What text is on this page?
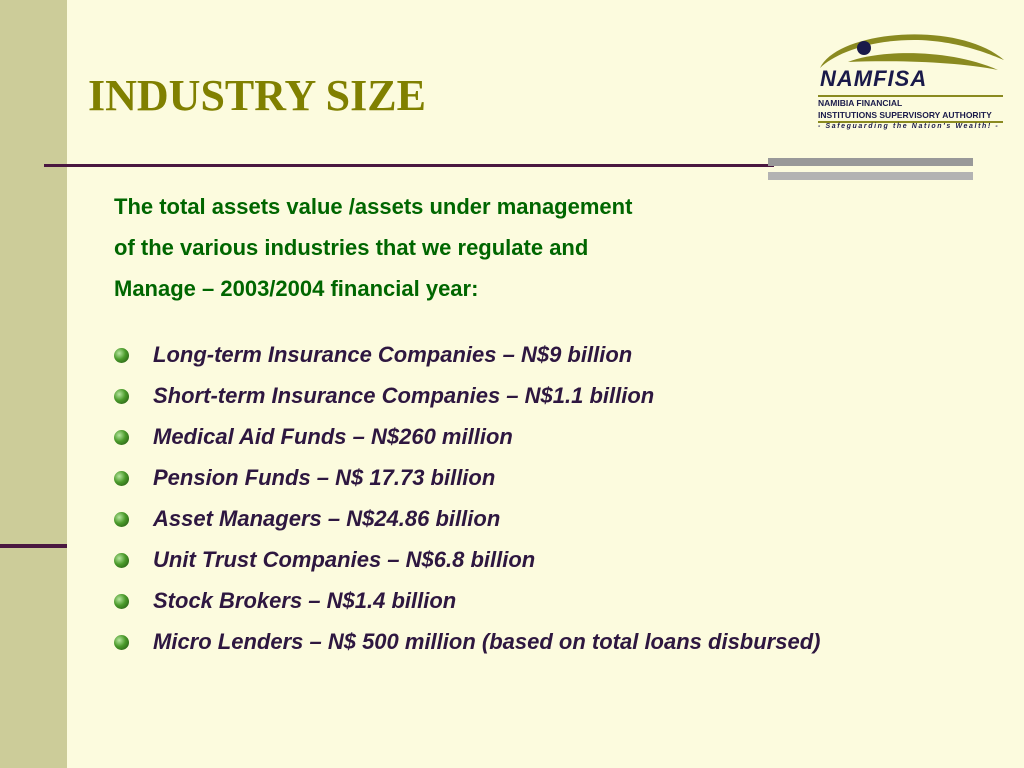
INDUSTRY SIZE	NAMFISA
NAMIBIA FINANCIAL
INSTITUTIONS SUPERVISORY AUTHORITY
- Safeguarding the Nation's Wealth! -
The total assets value /assets under management
of the various industries that we regulate and
Manage – 2003/2004 financial year:
Long-term Insurance Companies – N$9 billion
Short-term Insurance Companies – N$1.1 billion
Medical Aid Funds – N$260 million
Pension Funds – N$ 17.73 billion
Asset Managers – N$24.86 billion
Unit Trust Companies – N$6.8 billion
Stock Brokers – N$1.4 billion
Micro Lenders – N$ 500 million (based on total loans disbursed)
